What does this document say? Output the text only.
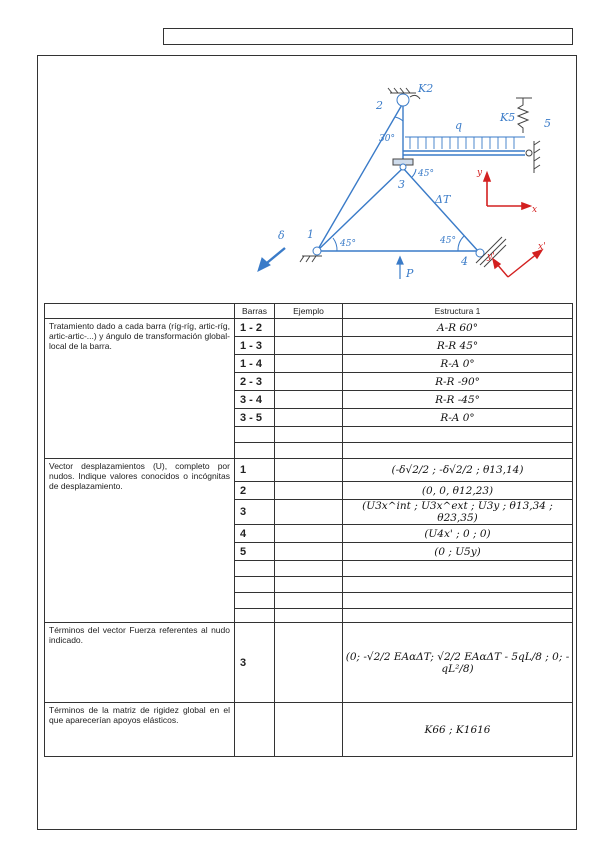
2
3
1
4
5
K2
K5
q
δ
ΔT
P
30°
45°
45°	45°
y
x
x'
y'
	Barras	Ejemplo	Estructura 1
Tratamiento dado a cada barra (ríg-ríg, artic-ríg, artic-artic-...) y ángulo de transformación global-local de la barra.	1 - 2		A-R 60°
	1 - 3		R-R 45°
	1 - 4		R-A 0°
	2 - 3		R-R -90°
	3 - 4		R-R -45°
	3 - 5		R-A 0°

Vector desplazamientos (U), completo por nudos. Indique valores conocidos o incógnitas de desplazamiento.	1		(-δ√2/2 ; -δ√2/2 ; θ13,14)
	2		(0, 0, θ12,23)
	3		(U3x^int ; U3x^ext ; U3y ; θ13,34 ; θ23,35)
	4		(U4x' ; 0 ; 0)
	5		(0 ; U5y)

Términos del vector Fuerza referentes al nudo indicado.	3		(0; -√2/2 EAαΔT; √2/2 EAαΔT - 5qL/8 ; 0; -qL²/8)
Términos de la matriz de rigidez global en el que aparecerían apoyos elásticos.			K66 ; K1616
